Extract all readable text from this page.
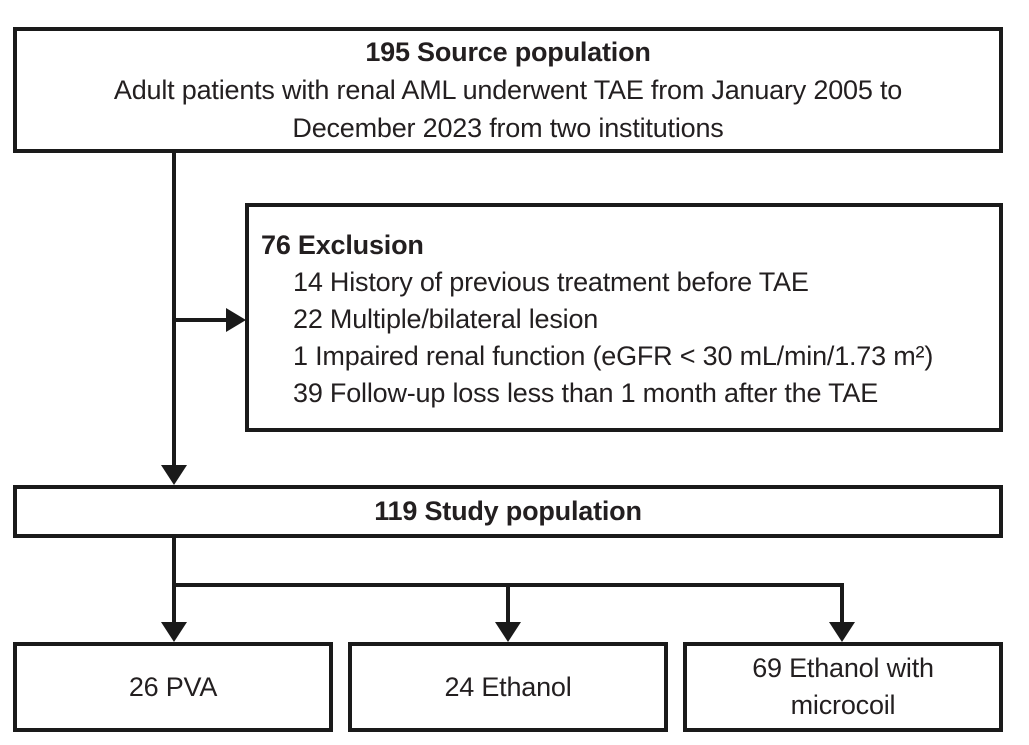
195 Source population
Adult patients with renal AML underwent TAE from January 2005 to
December 2023 from two institutions
76 Exclusion
14 History of previous treatment before TAE
22 Multiple/bilateral lesion
1 Impaired renal function (eGFR < 30 mL/min/1.73 m²)
39 Follow-up loss less than 1 month after the TAE
119 Study population
26 PVA	24 Ethanol
69 Ethanol with microcoil
